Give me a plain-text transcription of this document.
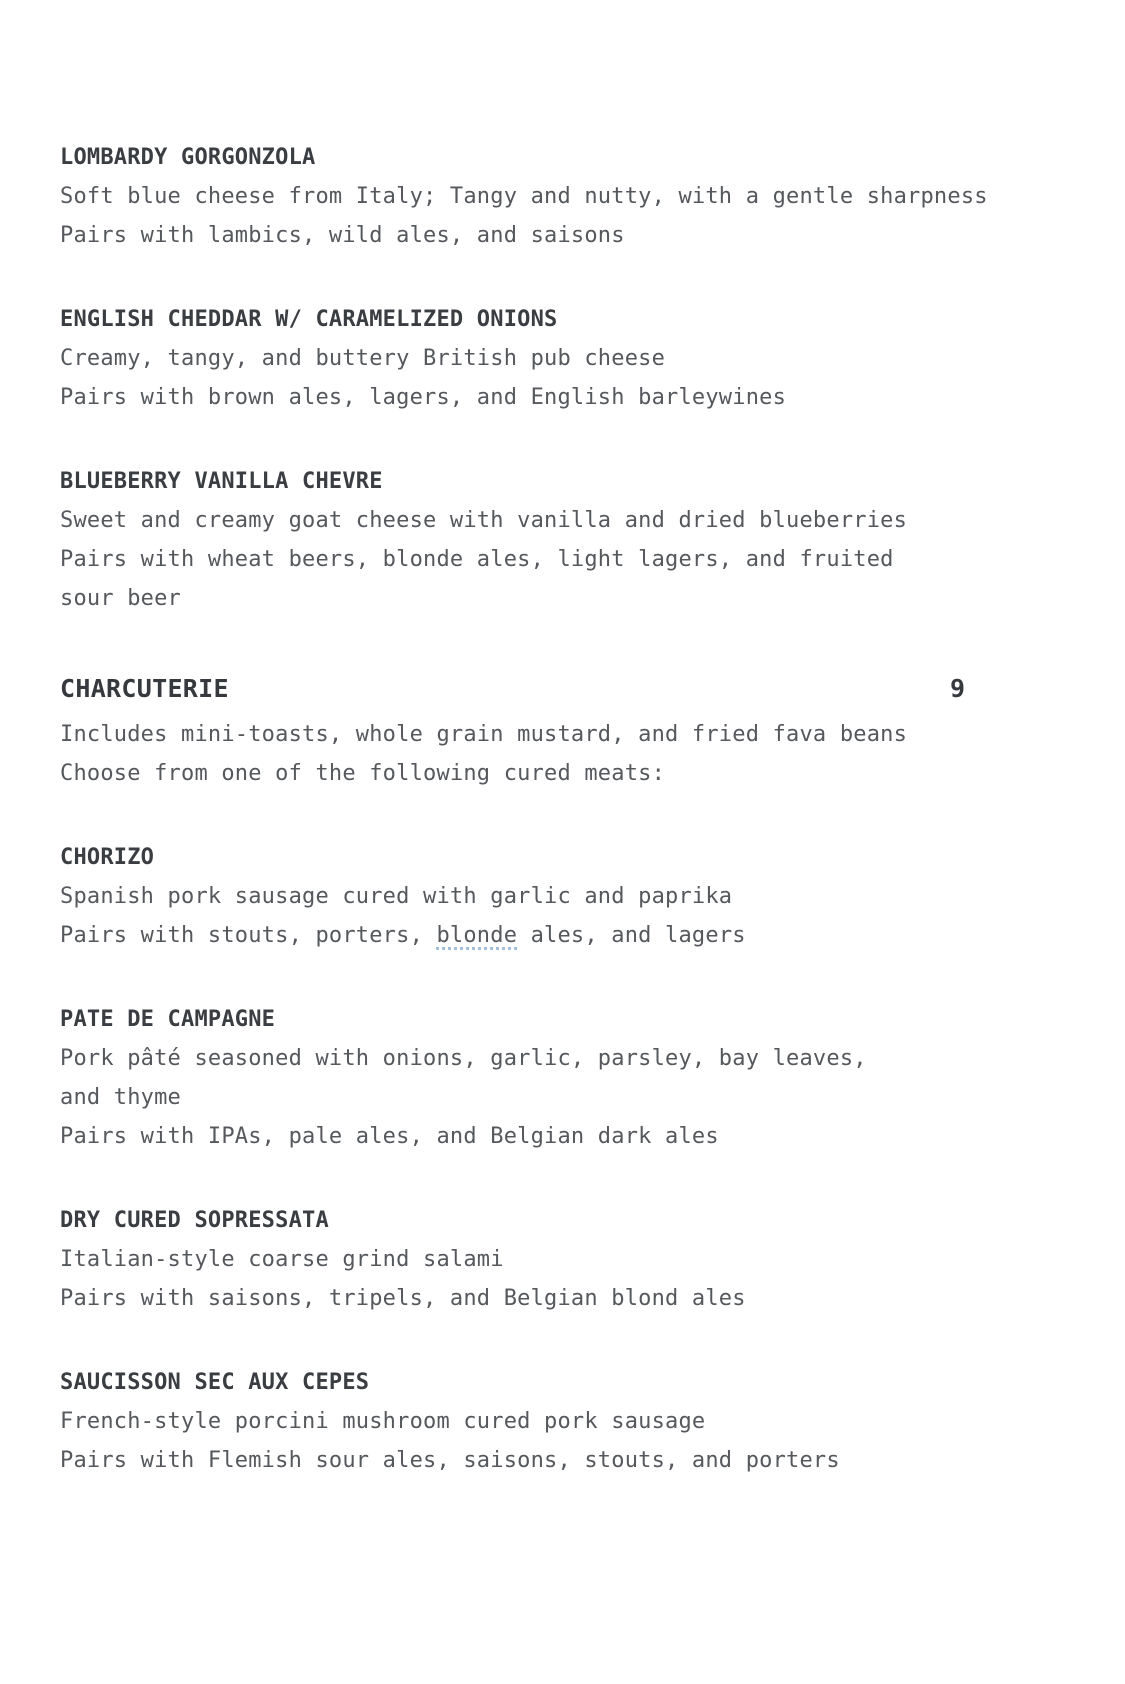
LOMBARDY GORGONZOLA

Soft blue cheese from Italy; Tangy and nutty, with a gentle sharpness

Pairs with lambics, wild ales, and saisons

ENGLISH CHEDDAR W/ CARAMELIZED ONIONS

Creamy, tangy, and buttery British pub cheese

Pairs with brown ales, lagers, and English barleywines

BLUEBERRY VANILLA CHEVRE

Sweet and creamy goat cheese with vanilla and dried blueberries

Pairs with wheat beers, blonde ales, light lagers, and fruited

sour beer

CHARCUTERIE	9

Includes mini-toasts, whole grain mustard, and fried fava beans

Choose from one of the following cured meats:

CHORIZO

Spanish pork sausage cured with garlic and paprika

Pairs with stouts, porters, blonde ales, and lagers

PATE DE CAMPAGNE

Pork pâté seasoned with onions, garlic, parsley, bay leaves,

and thyme

Pairs with IPAs, pale ales, and Belgian dark ales

DRY CURED SOPRESSATA

Italian-style coarse grind salami

Pairs with saisons, tripels, and Belgian blond ales

SAUCISSON SEC AUX CEPES

French-style porcini mushroom cured pork sausage

Pairs with Flemish sour ales, saisons, stouts, and porters
